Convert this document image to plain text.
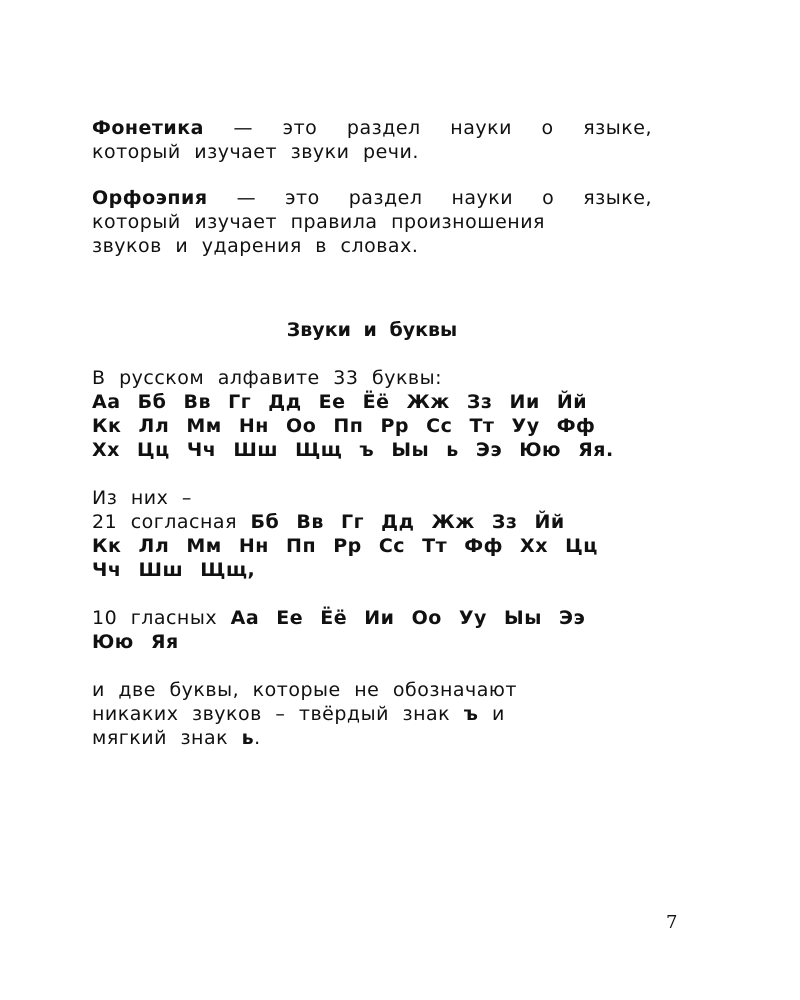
Фонетика — это раздел науки о языке,
который изучает звуки речи.
Орфоэпия — это раздел науки о языке,
который изучает правила произношения
звуков и ударения в словах.
Звуки и буквы
В русском алфавите 33 буквы:
Аа Бб Вв Гг Дд Ее Ёё Жж Зз Ии Йй
Кк Лл Мм Нн Оо Пп Рр Сс Тт Уу Фф
Хх Цц Чч Шш Щщ ъ Ыы ь Ээ Юю Яя.
Из них –
21 согласная Бб Вв Гг Дд Жж Зз Йй
Кк Лл Мм Нн Пп Рр Сс Тт Фф Хх Цц
Чч Шш Щщ,
10 гласных Аа Ее Ёё Ии Оо Уу Ыы Ээ
Юю Яя
и две буквы, которые не обозначают
никаких звуков – твёрдый знак ъ и
мягкий знак ь.
7
